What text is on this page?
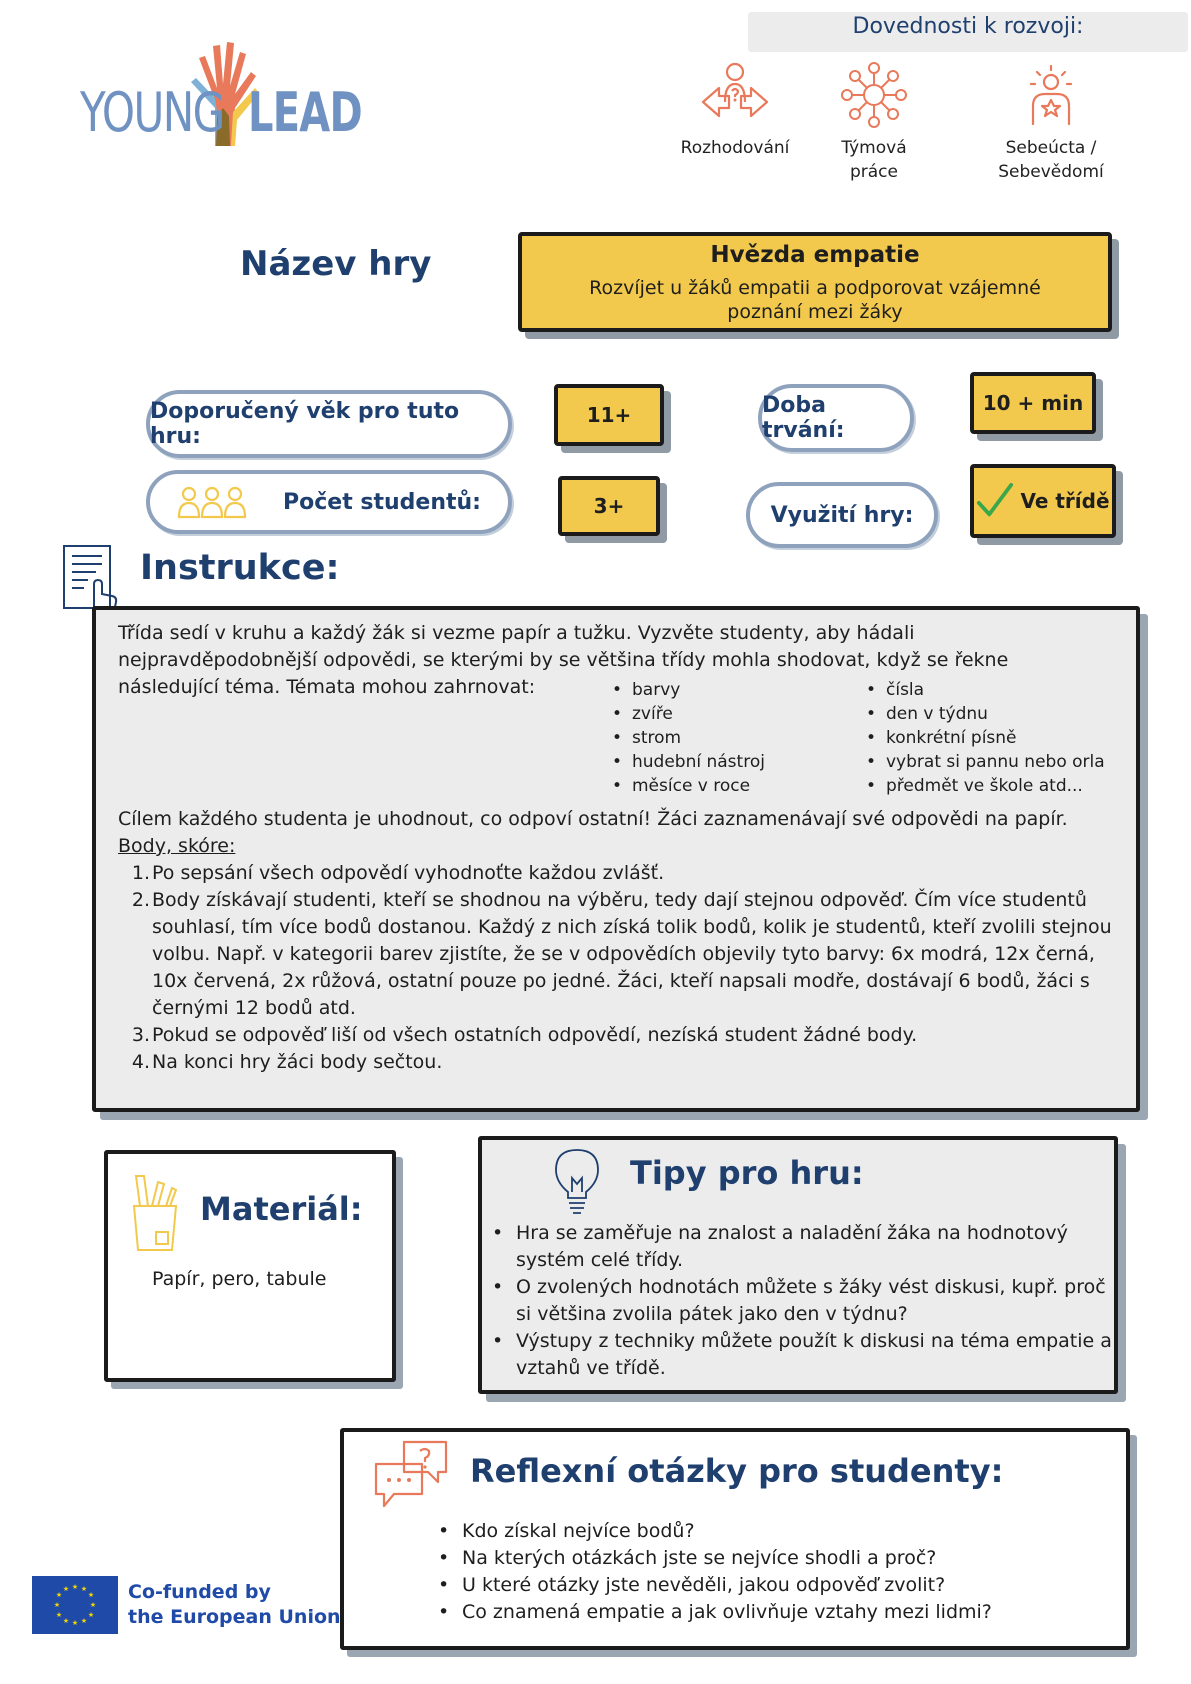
YOUNG LEAD
Dovednosti k rozvoji:
Rozhodování	Týmová práce
Sebeúcta / Sebevědomí
Název hry	Hvězda empatie
Rozvíjet u žáků empatii a podporovat vzájemné poznání mezi žáky
Doporučený věk pro tuto hru:
11+	Doba trvání:
10 + min
Počet studentů:	3+	Využití hry:
Ve třídě
Instrukce:
Třída sedí v kruhu a každý žák si vezme papír a tužku. Vyzvěte studenty, aby hádali nejpravděpodobnější odpovědi, se kterými by se většina třídy mohla shodovat, když se řekne následující téma. Témata mohou zahrnovat:
•	barvy
• zvíře
• strom
• hudební nástroj
• měsíce v roce
• čísla
• den v týdnu
• konkrétní písně
• vybrat si pannu nebo orla
• předmět ve škole atd...
Cílem každého studenta je uhodnout, co odpoví ostatní! Žáci zaznamenávají své odpovědi na papír.
Body, skóre:
1. Po sepsání všech odpovědí vyhodnoťte každou zvlášť.
2. Body získávají studenti, kteří se shodnou na výběru, tedy dají stejnou odpověď. Čím více studentů souhlasí, tím více bodů dostanou. Každý z nich získá tolik bodů, kolik je studentů, kteří zvolili stejnou volbu. Např. v kategorii barev zjistíte, že se v odpovědích objevily tyto barvy: 6x modrá, 12x černá, 10x červená, 2x růžová, ostatní pouze po jedné. Žáci, kteří napsali modře, dostávají 6 bodů, žáci s černými 12 bodů atd.
3. Pokud se odpověď liší od všech ostatních odpovědí, nezíská student žádné body.
4. Na konci hry žáci body sečtou.
Materiál:
Papír, pero, tabule
Tipy pro hru:
• Hra se zaměřuje na znalost a naladění žáka na hodnotový systém celé třídy.
• O zvolených hodnotách můžete s žáky vést diskusi, kupř. proč si většina zvolila pátek jako den v týdnu?
• Výstupy z techniky můžete použít k diskusi na téma empatie a vztahů ve třídě.
Reflexní otázky pro studenty:
• Kdo získal nejvíce bodů?
• Na kterých otázkách jste se nejvíce shodli a proč?
• U které otázky jste nevěděli, jakou odpověď zvolit?
• Co znamená empatie a jak ovlivňuje vztahy mezi lidmi?
★ ★
★
★
★
★
★
★
★
★
★
★	Co-funded by
the European Union
